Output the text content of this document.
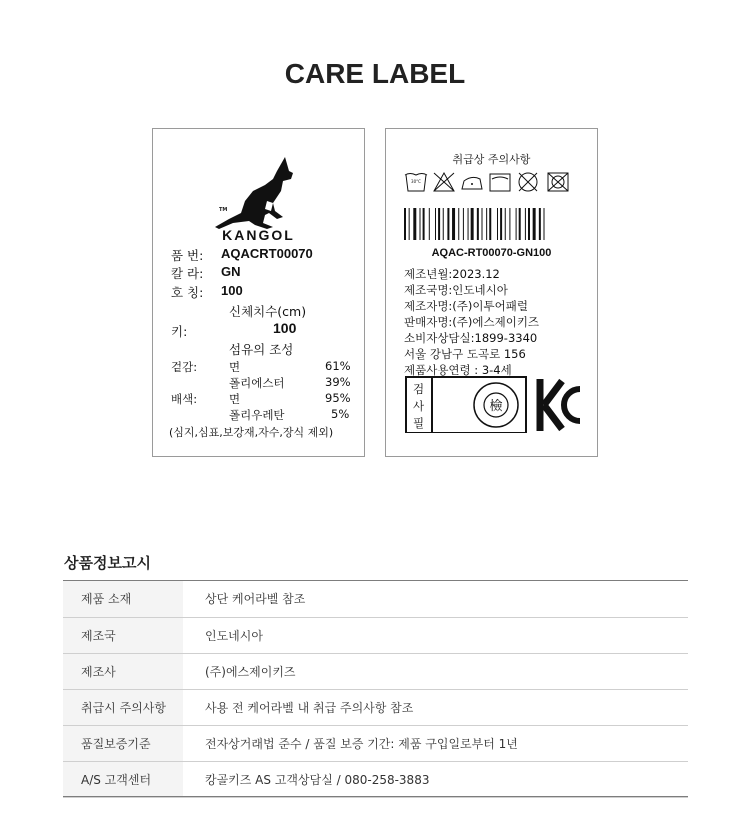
CARE LABEL
TM
KANGOL
품 번: AQACRT00070
칼 라: GN
호 칭: 100
신체치수(cm)
키:	100
섬유의 조성
겉감:	면	61%
폴리에스터	39%
배색:	면	95%
폴리우레탄	5%
(심지,심표,보강재,자수,장식 제외)
취급상 주의사항
30°C
AQAC-RT00070-GN100
제조년월:2023.12
제조국명:인도네시아
제조자명:(주)이투어패럴
판매자명:(주)에스제이키즈
소비자상담실:1899-3340
서울 강남구 도곡로 156
제품사용연령 : 3-4세
檢
검
사
필
상품정보고시
제품 소재	상단 케어라벨 참조
제조국	인도네시아
제조사	(주)에스제이키즈
취급시 주의사항	사용 전 케어라벨 내 취급 주의사항 참조
품질보증기준	전자상거래법 준수 / 품질 보증 기간: 제품 구입일로부터 1년
A/S 고객센터	캉골키즈 AS 고객상담실 / 080-258-3883
